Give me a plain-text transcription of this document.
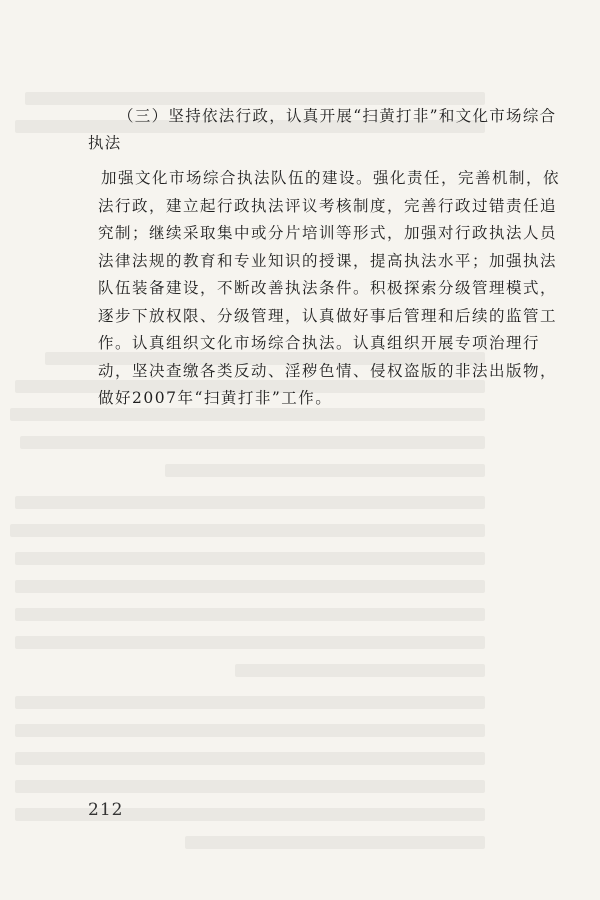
（三）坚持依法行政，认真开展“扫黄打非”和文化市场综合执法
加强文化市场综合执法队伍的建设。强化责任，完善机制，依法行政，建立起行政执法评议考核制度，完善行政过错责任追究制；继续采取集中或分片培训等形式，加强对行政执法人员法律法规的教育和专业知识的授课，提高执法水平；加强执法队伍装备建设，不断改善执法条件。积极探索分级管理模式，逐步下放权限、分级管理，认真做好事后管理和后续的监管工作。认真组织文化市场综合执法。认真组织开展专项治理行动，坚决查缴各类反动、淫秽色情、侵权盗版的非法出版物，做好2007年“扫黄打非”工作。
212
